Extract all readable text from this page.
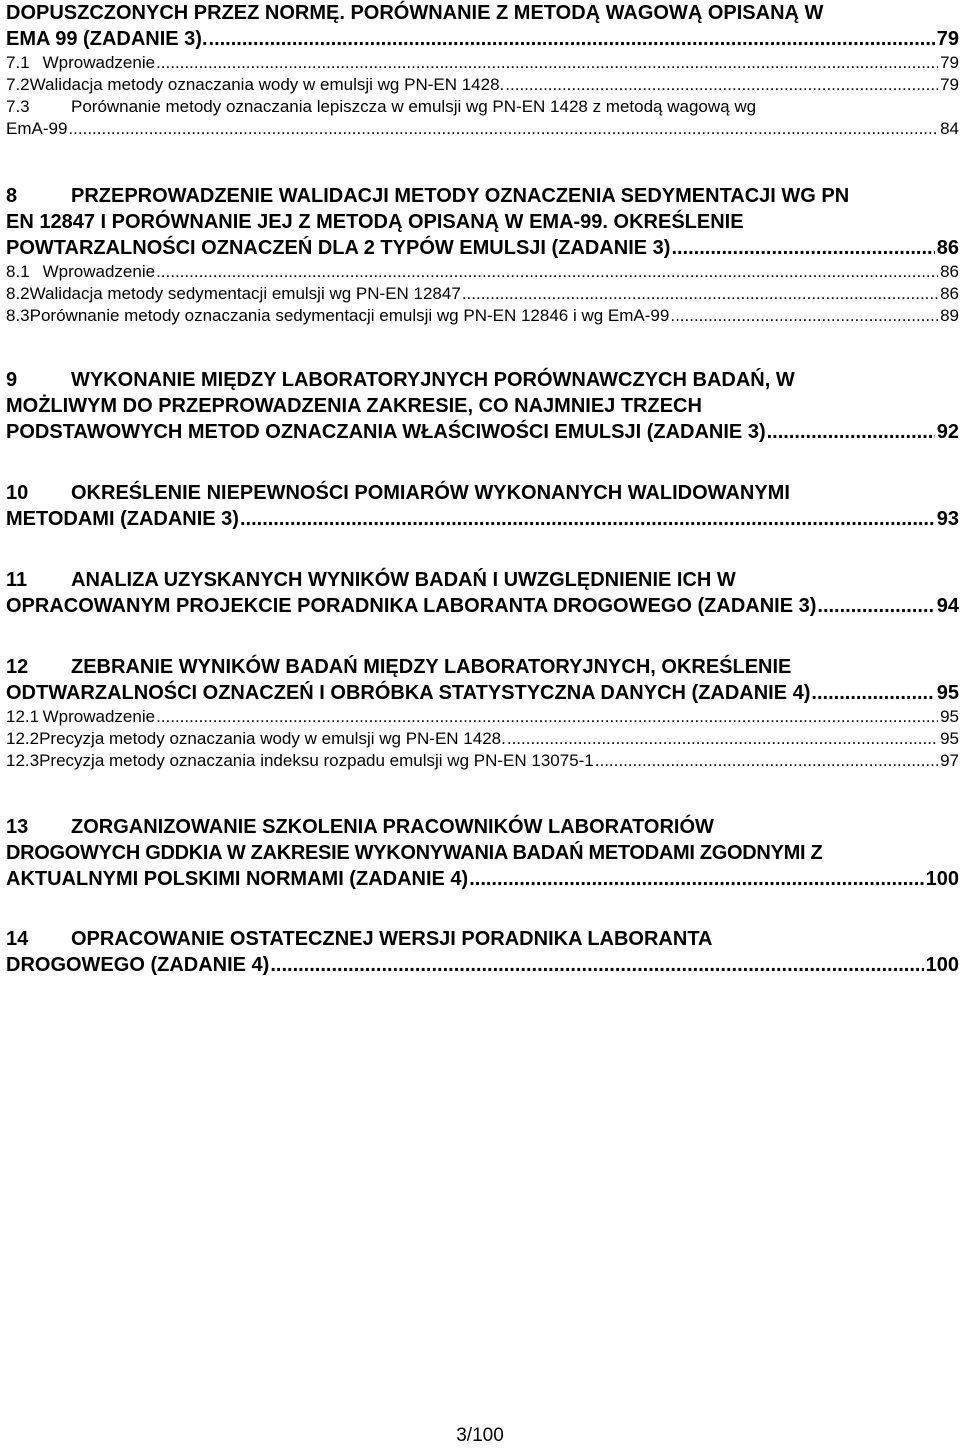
DOPUSZCZONYCH PRZEZ NORMĘ. PORÓWNANIE Z METODĄ WAGOWĄ OPISANĄ W
EMA 99 (ZADANIE 3). .....	79
7.1 Wprowadzenie .....	79
7.2 Walidacja metody oznaczania wody w emulsji wg PN-EN 1428. .....	79
7.3	Porównanie metody oznaczania lepiszcza w emulsji wg PN-EN 1428 z metodą wagową wg
EmA-99 .....	84
8	PRZEPROWADZENIE WALIDACJI METODY OZNACZENIA SEDYMENTACJI WG PN
EN 12847 I PORÓWNANIE JEJ Z METODĄ OPISANĄ W EMA-99. OKREŚLENIE
POWTARZALNOŚCI OZNACZEŃ DLA 2 TYPÓW EMULSJI (ZADANIE 3) .....	86
8.1 Wprowadzenie .....	86
8.2 Walidacja metody sedymentacji emulsji wg PN-EN 12847 .....	86
8.3 Porównanie metody oznaczania sedymentacji emulsji wg PN-EN 12846 i wg EmA-99 .....	89
9	WYKONANIE MIĘDZY LABORATORYJNYCH PORÓWNAWCZYCH BADAŃ, W
MOŻLIWYM DO PRZEPROWADZENIA ZAKRESIE, CO NAJMNIEJ TRZECH
PODSTAWOWYCH METOD OZNACZANIA WŁAŚCIWOŚCI EMULSJI (ZADANIE 3) .....	92
10	OKREŚLENIE NIEPEWNOŚCI POMIARÓW WYKONANYCH WALIDOWANYMI
METODAMI (ZADANIE 3) .....	93
11	ANALIZA UZYSKANYCH WYNIKÓW BADAŃ I UWZGLĘDNIENIE ICH W
OPRACOWANYM PROJEKCIE PORADNIKA LABORANTA DROGOWEGO (ZADANIE 3) .....	94
12	ZEBRANIE WYNIKÓW BADAŃ MIĘDZY LABORATORYJNYCH, OKREŚLENIE
ODTWARZALNOŚCI OZNACZEŃ I OBRÓBKA STATYSTYCZNA DANYCH (ZADANIE 4) .....	95
12.1 Wprowadzenie .....	95
12.2 Precyzja metody oznaczania wody w emulsji wg PN-EN 1428. .....	95
12.3 Precyzja metody oznaczania indeksu rozpadu emulsji wg PN-EN 13075-1 .....	97
13	ZORGANIZOWANIE SZKOLENIA PRACOWNIKÓW LABORATORIÓW
DROGOWYCH GDDKIA W ZAKRESIE WYKONYWANIA BADAŃ METODAMI ZGODNYMI Z
AKTUALNYMI POLSKIMI NORMAMI (ZADANIE 4) .....	100
14	OPRACOWANIE OSTATECZNEJ WERSJI PORADNIKA LABORANTA
DROGOWEGO (ZADANIE 4) .....	100
3/100
